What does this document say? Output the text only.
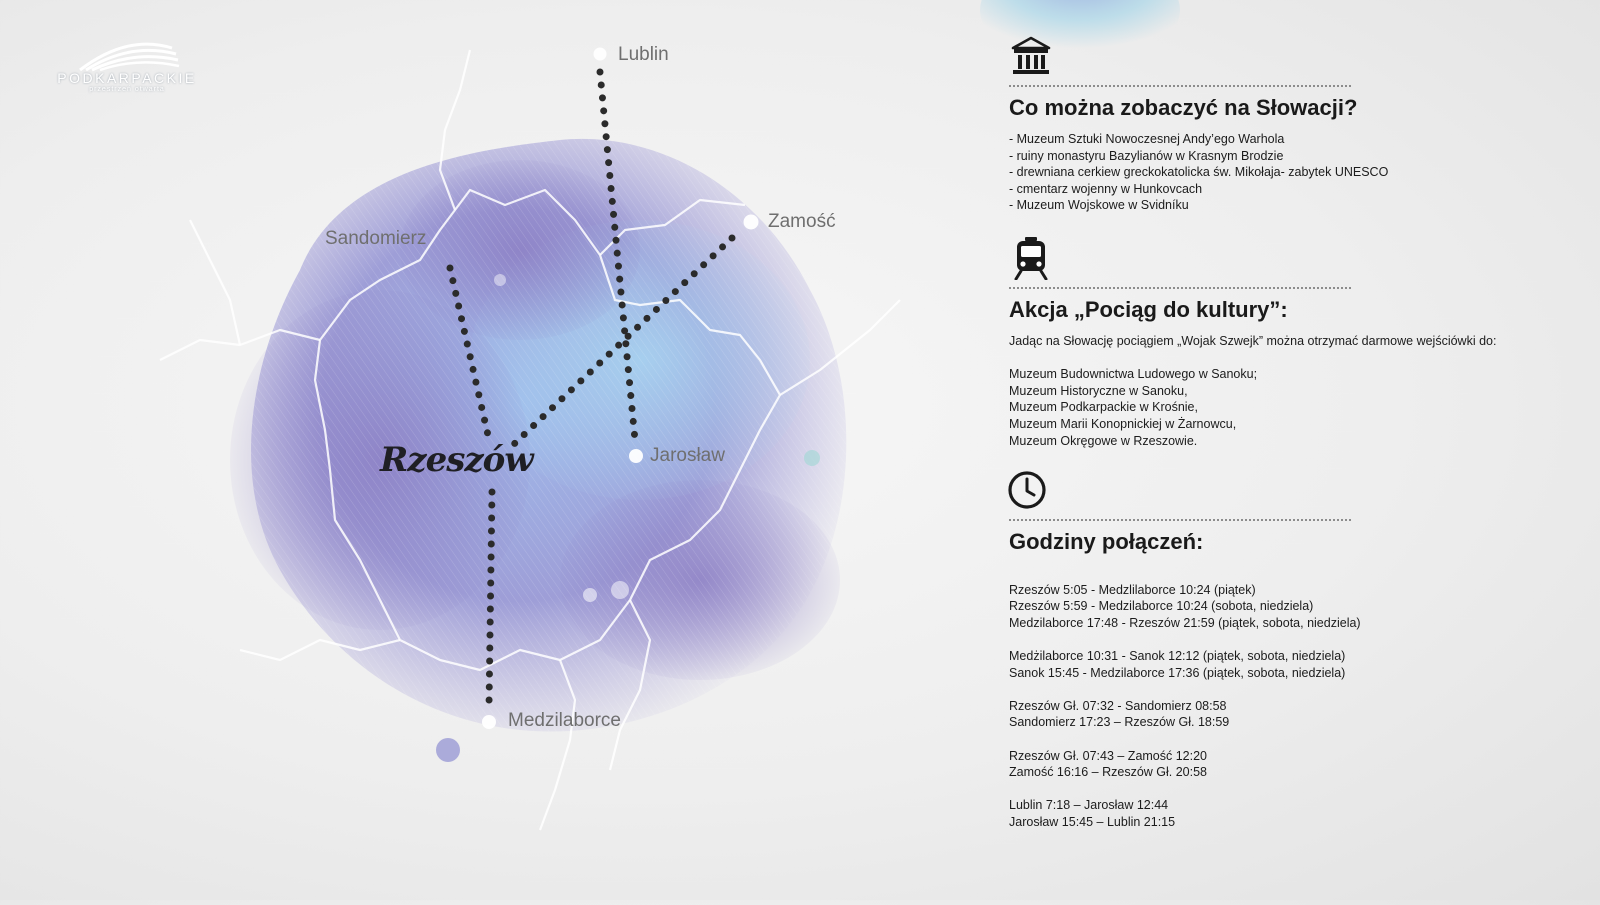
PODKARPACKIE
przestrzeń otwarta
Lublin
Zamość
Sandomierz
Rzeszów	Jarosław
Medzilaborce
Co można zobaczyć na Słowacji?
- Muzeum Sztuki Nowoczesnej Andy’ego Warhola
- ruiny monastyru Bazylianów w Krasnym Brodzie
- drewniana cerkiew greckokatolicka św. Mikołaja- zabytek UNESCO
- cmentarz wojenny w Hunkovcach
- Muzeum Wojskowe w Svidníku
Akcja „Pociąg do kultury”:

Jadąc na Słowację pociągiem „Wojak Szwejk” można otrzymać darmowe wejściówki do:

Muzeum Budownictwa Ludowego w Sanoku;
Muzeum Historyczne w Sanoku,
Muzeum Podkarpackie w Krośnie,
Muzeum Marii Konopnickiej w Żarnowcu,
Muzeum Okręgowe w Rzeszowie.
Godziny połączeń:
Rzeszów 5:05 - Medzlilaborce 10:24 (piątek)
Rzeszów 5:59 - Medzilaborce 10:24 (sobota, niedziela)
Medzilaborce 17:48 - Rzeszów 21:59 (piątek, sobota, niedziela)
Medżilaborce 10:31 - Sanok 12:12 (piątek, sobota, niedziela)
Sanok 15:45 - Medzilaborce 17:36 (piątek, sobota, niedziela)
Rzeszów Gł. 07:32 - Sandomierz 08:58
Sandomierz 17:23 – Rzeszów Gł. 18:59
Rzeszów Gł. 07:43 – Zamość 12:20
Zamość 16:16 – Rzeszów Gł. 20:58
Lublin 7:18 – Jarosław 12:44
Jarosław 15:45 – Lublin 21:15
